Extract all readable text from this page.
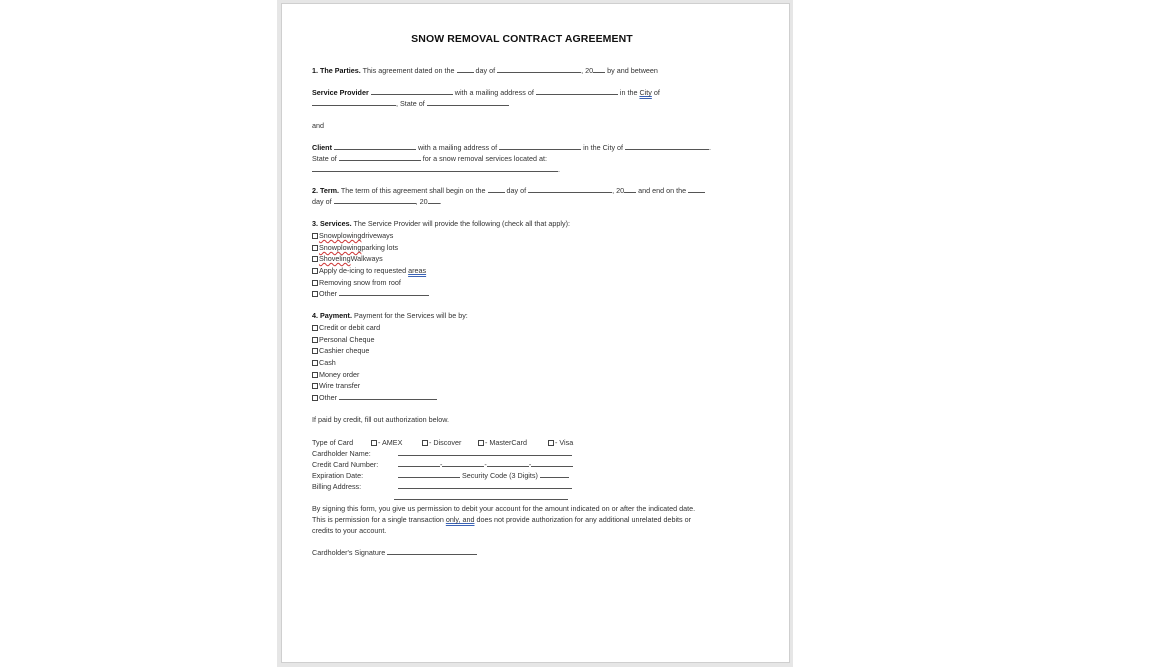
SNOW REMOVAL CONTRACT AGREEMENT
1. The Parties. This agreement dated on the	day of	, 20 by and between
Service Provider	with a mailing address of	in the City of
, State of
and
Client	with a mailing address of	in the City of	.
State of	for a snow removal services located at:
.
2. Term. The term of this agreement shall begin on the	day of	, 20 and end on the
day of	, 20 .
3. Services. The Service Provider will provide the following (check all that apply):
Snowplowingdriveways
Snowplowingparking lots
ShovelingWalkways
Apply de-icing to requested areas
Removing snow from roof
Other
4. Payment. Payment for the Services will be by:
Credit or debit card
Personal Cheque
Cashier cheque
Cash
Money order
Wire transfer
Other
If paid by credit, fill out authorization below.
Type of Card	- AMEX	- Discover	- MasterCard	- Visa
Cardholder Name:
Credit Card Number:	-	-	-
Expiration Date:	Security Code (3 Digits)
Billing Address:
By signing this form, you give us permission to debit your account for the amount indicated on or after the indicated date.
This is permission for a single transaction only, and does not provide authorization for any additional unrelated debits or
credits to your account.
Cardholder's Signature
